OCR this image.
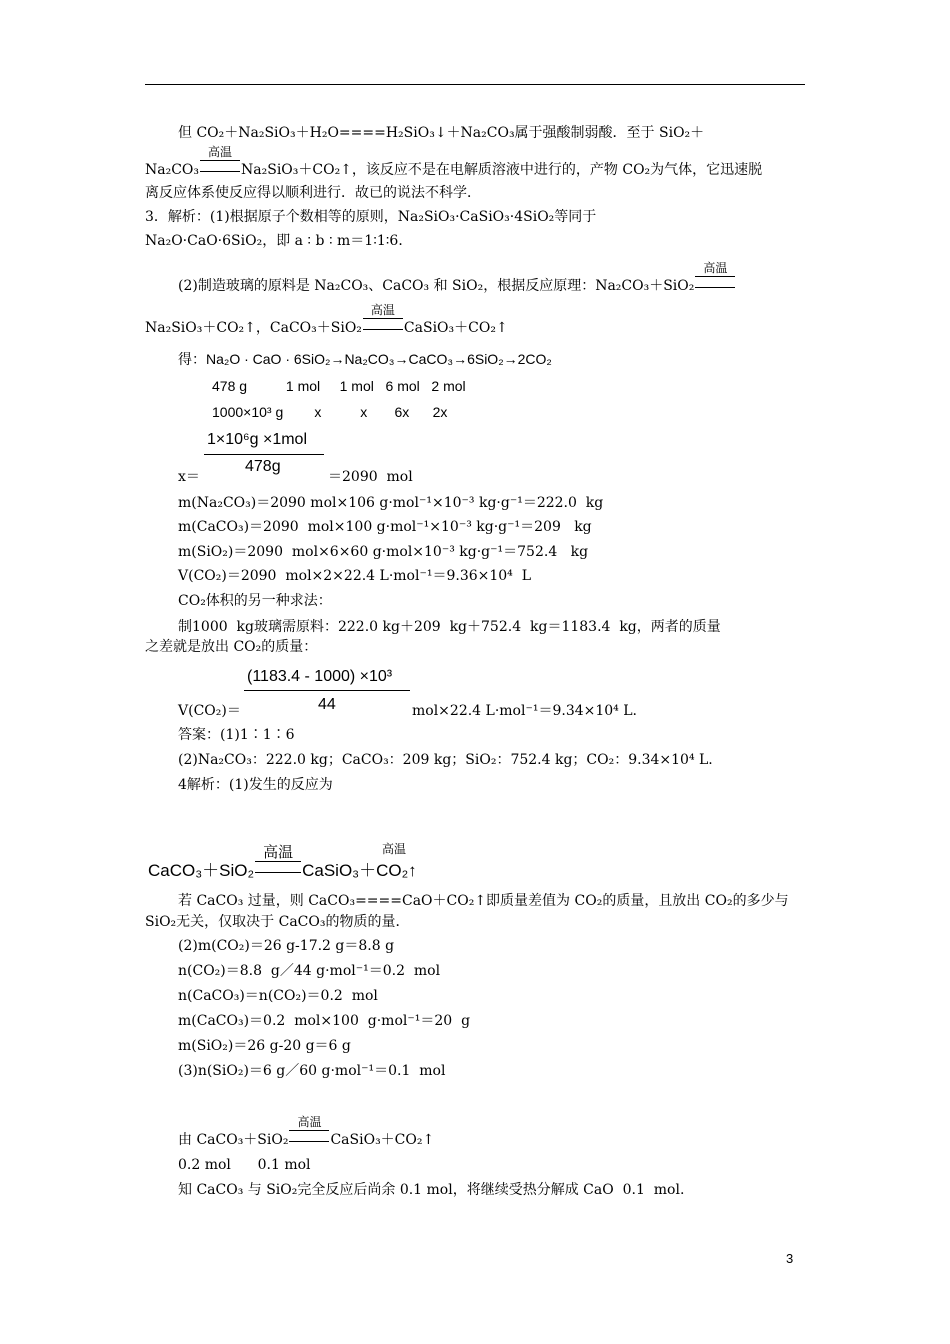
但 CO₂＋Na₂SiO₃＋H₂O====H₂SiO₃↓＋Na₂CO₃属于强酸制弱酸．至于 SiO₂＋
Na₂CO₃
高温
Na₂SiO₃＋CO₂↑，该反应不是在电解质溶液中进行的，产物 CO₂为气体，它迅速脱
离反应体系使反应得以顺利进行．故已的说法不科学．
3．解析：(1)根据原子个数相等的原则，Na₂SiO₃·CaSiO₃·4SiO₂等同于
Na₂O·CaO·6SiO₂，即 a ∶ b ∶ m＝1∶1∶6．
(2)制造玻璃的原料是 Na₂CO₃、CaCO₃ 和 SiO₂，根据反应原理：Na₂CO₃＋SiO₂
高温
Na₂SiO₃＋CO₂↑，CaCO₃＋SiO₂
高温
CaSiO₃＋CO₂↑
得：Na₂O · CaO · 6SiO₂→Na₂CO₃→CaCO₃→6SiO₂→2CO₂
478 g          1 mol     1 mol   6 mol   2 mol
1000×10³ g        x          x       6x      2x
1×10⁶g ×1mol
478g
x＝	＝2090  mol
m(Na₂CO₃)＝2090 mol×106 g·mol⁻¹×10⁻³ kg·g⁻¹＝222.0  kg
m(CaCO₃)＝2090  mol×100 g·mol⁻¹×10⁻³ kg·g⁻¹＝209   kg
m(SiO₂)＝2090  mol×6×60 g·mol×10⁻³ kg·g⁻¹＝752.4   kg
V(CO₂)＝2090  mol×2×22.4 L·mol⁻¹＝9.36×10⁴  L
CO₂体积的另一种求法：
制1000  kg玻璃需原料：222.0 kg＋209  kg＋752.4  kg＝1183.4  kg，两者的质量
之差就是放出 CO₂的质量：
(1183.4 - 1000) ×10³
44
V(CO₂)＝	mol×22.4 L·mol⁻¹＝9.34×10⁴ L.
答案：(1)1∶1∶6
(2)Na₂CO₃：222.0 kg；CaCO₃：209 kg；SiO₂：752.4 kg；CO₂：9.34×10⁴ L.
4解析：(1)发生的反应为
高温
CaCO₃＋SiO₂
高温
CaSiO₃＋CO₂↑
若 CaCO₃ 过量，则 CaCO₃====CaO＋CO₂↑即质量差值为 CO₂的质量，且放出 CO₂的多少与
SiO₂无关，仅取决于 CaCO₃的物质的量．
(2)m(CO₂)＝26 g-17.2 g＝8.8 g
n(CO₂)＝8.8  g／44 g·mol⁻¹＝0.2  mol
n(CaCO₃)＝n(CO₂)＝0.2  mol
m(CaCO₃)＝0.2  mol×100  g·mol⁻¹＝20  g
m(SiO₂)＝26 g-20 g＝6 g
(3)n(SiO₂)＝6 g／60 g·mol⁻¹＝0.1  mol
由 CaCO₃＋SiO₂
高温
CaSiO₃＋CO₂↑
0.2 mol      0.1 mol
知 CaCO₃ 与 SiO₂完全反应后尚余 0.1 mol，将继续受热分解成 CaO  0.1  mol.
3
